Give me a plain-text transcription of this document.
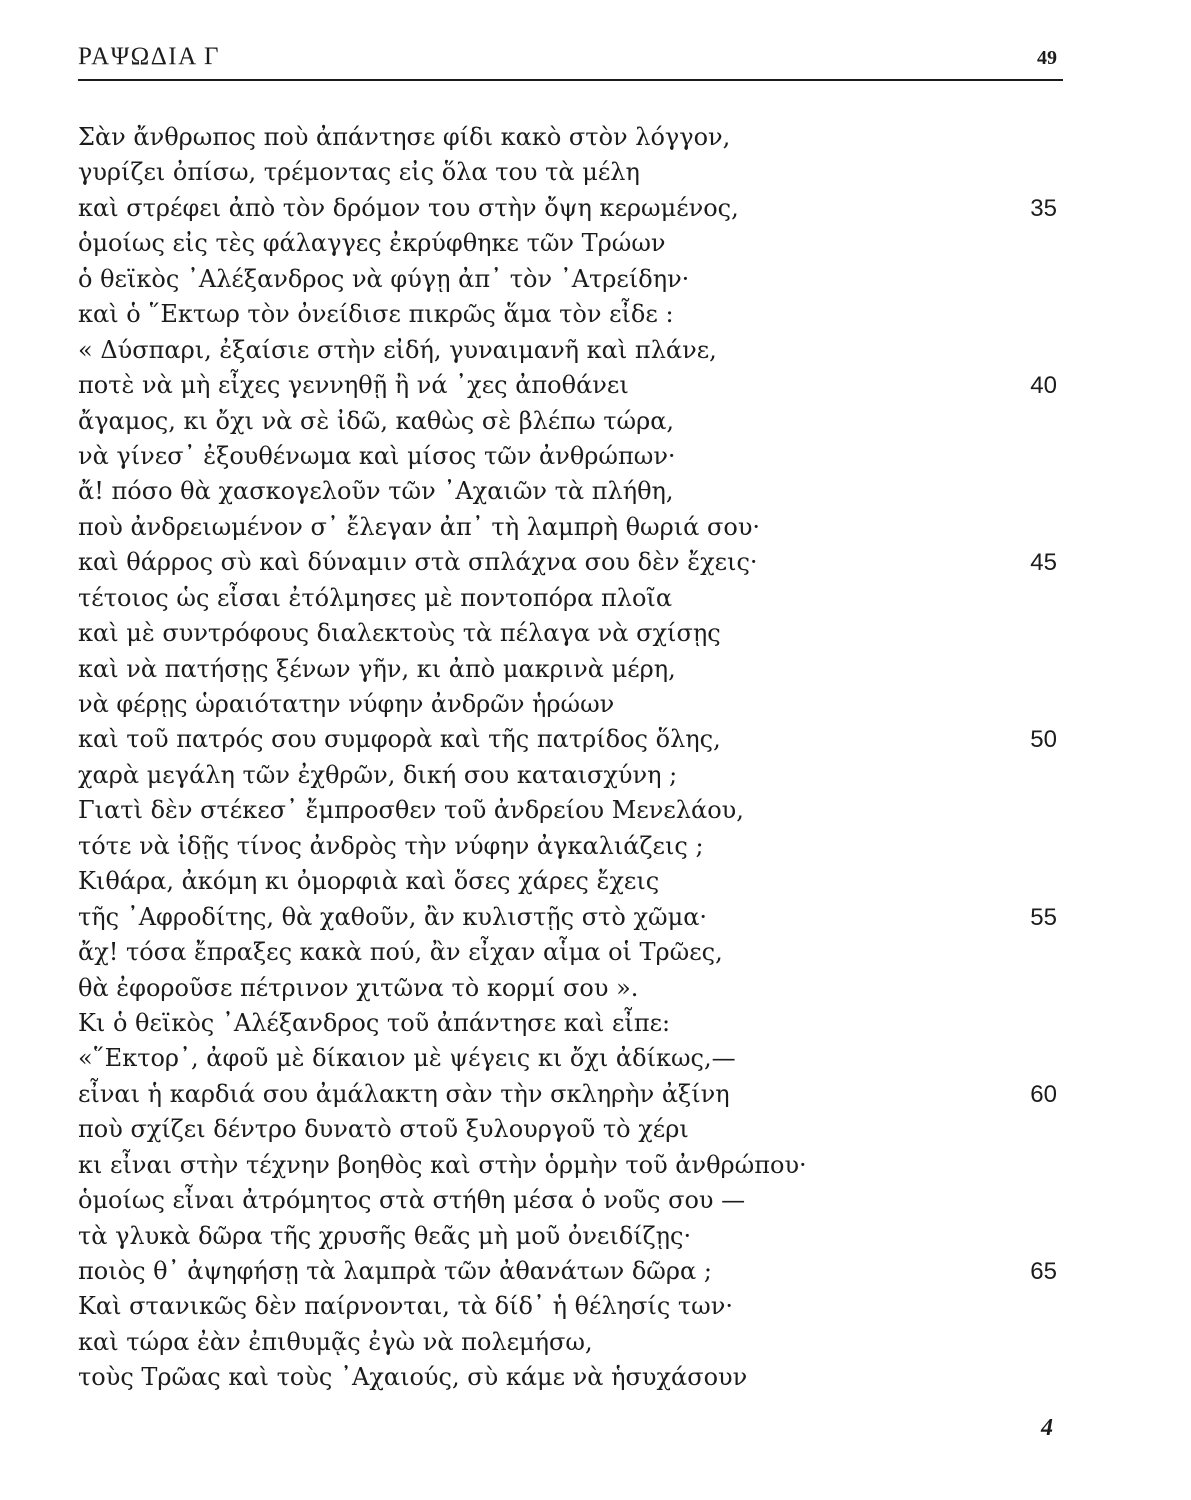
ΡΑΨΩΔΙΑ Γ	49
Σὰν ἄνθρωπος ποὺ ἀπάντησε φίδι κακὸ στὸν λόγγον,
γυρίζει ὀπίσω, τρέμοντας εἰς ὅλα του τὰ μέλη
καὶ στρέφει ἀπὸ τὸν δρόμον του στὴν ὄψη κερωμένος,	35
ὁμοίως εἰς τὲς φάλαγγες ἐκρύφθηκε τῶν Τρώων
ὁ θεϊκὸς ᾿Αλέξανδρος νὰ φύγῃ ἀπ᾿ τὸν ᾿Ατρείδην·
καὶ ὁ ῞Εκτωρ τὸν ὀνείδισε πικρῶς ἅμα τὸν εἶδε :
« Δύσπαρι, ἐξαίσιε στὴν εἰδή, γυναιμανῆ καὶ πλάνε,
ποτὲ νὰ μὴ εἶχες γεννηθῇ ἢ νά ᾿χες ἀποθάνει	40
ἄγαμος, κι ὄχι νὰ σὲ ἰδῶ, καθὼς σὲ βλέπω τώρα,
νὰ γίνεσ᾿ ἐξουθένωμα καὶ μίσος τῶν ἀνθρώπων·
ἄ! πόσο θὰ χασκογελοῦν τῶν ᾿Αχαιῶν τὰ πλήθη,
ποὺ ἀνδρειωμένον σ᾿ ἔλεγαν ἀπ᾿ τὴ λαμπρὴ θωριά σου·
καὶ θάρρος σὺ καὶ δύναμιν στὰ σπλάχνα σου δὲν ἔχεις·	45
τέτοιος ὡς εἶσαι ἐτόλμησες μὲ ποντοπόρα πλοῖα
καὶ μὲ συντρόφους διαλεκτοὺς τὰ πέλαγα νὰ σχίσῃς
καὶ νὰ πατήσῃς ξένων γῆν, κι ἀπὸ μακρινὰ μέρη,
νὰ φέρῃς ὡραιότατην νύφην ἀνδρῶν ἡρώων
καὶ τοῦ πατρός σου συμφορὰ καὶ τῆς πατρίδος ὅλης,	50
χαρὰ μεγάλη τῶν ἐχθρῶν, δική σου καταισχύνη ;
Γιατὶ δὲν στέκεσ᾿ ἔμπροσθεν τοῦ ἀνδρείου Μενελάου,
τότε νὰ ἰδῇς τίνος ἀνδρὸς τὴν νύφην ἀγκαλιάζεις ;
Κιθάρα, ἀκόμη κι ὀμορφιὰ καὶ ὅσες χάρες ἔχεις
τῆς ᾿Αφροδίτης, θὰ χαθοῦν, ἂν κυλιστῇς στὸ χῶμα·	55
ἄχ! τόσα ἔπραξες κακὰ πού, ἂν εἶχαν αἷμα οἱ Τρῶες,
θὰ ἐφοροῦσε πέτρινον χιτῶνα τὸ κορμί σου ».
Κι ὁ θεϊκὸς ᾿Αλέξανδρος τοῦ ἀπάντησε καὶ εἶπε:
«῞Εκτορ᾿, ἀφοῦ μὲ δίκαιον μὲ ψέγεις κι ὄχι ἀδίκως,—
εἶναι ἡ καρδιά σου ἀμάλακτη σὰν τὴν σκληρὴν ἀξίνη	60
ποὺ σχίζει δέντρο δυνατὸ στοῦ ξυλουργοῦ τὸ χέρι
κι εἶναι στὴν τέχνην βοηθὸς καὶ στὴν ὁρμὴν τοῦ ἀνθρώπου·
ὁμοίως εἶναι ἀτρόμητος στὰ στήθη μέσα ὁ νοῦς σου —
τὰ γλυκὰ δῶρα τῆς χρυσῆς θεᾶς μὴ μοῦ ὀνειδίζῃς·
ποιὸς θ᾿ ἀψηφήσῃ τὰ λαμπρὰ τῶν ἀθανάτων δῶρα ;	65
Καὶ στανικῶς δὲν παίρνονται, τὰ δίδ᾿ ἡ θέλησίς των·
καὶ τώρα ἐὰν ἐπιθυμᾷς ἐγὼ νὰ πολεμήσω,
τοὺς Τρῶας καὶ τοὺς ᾿Αχαιούς, σὺ κάμε νὰ ἡσυχάσουν
4
